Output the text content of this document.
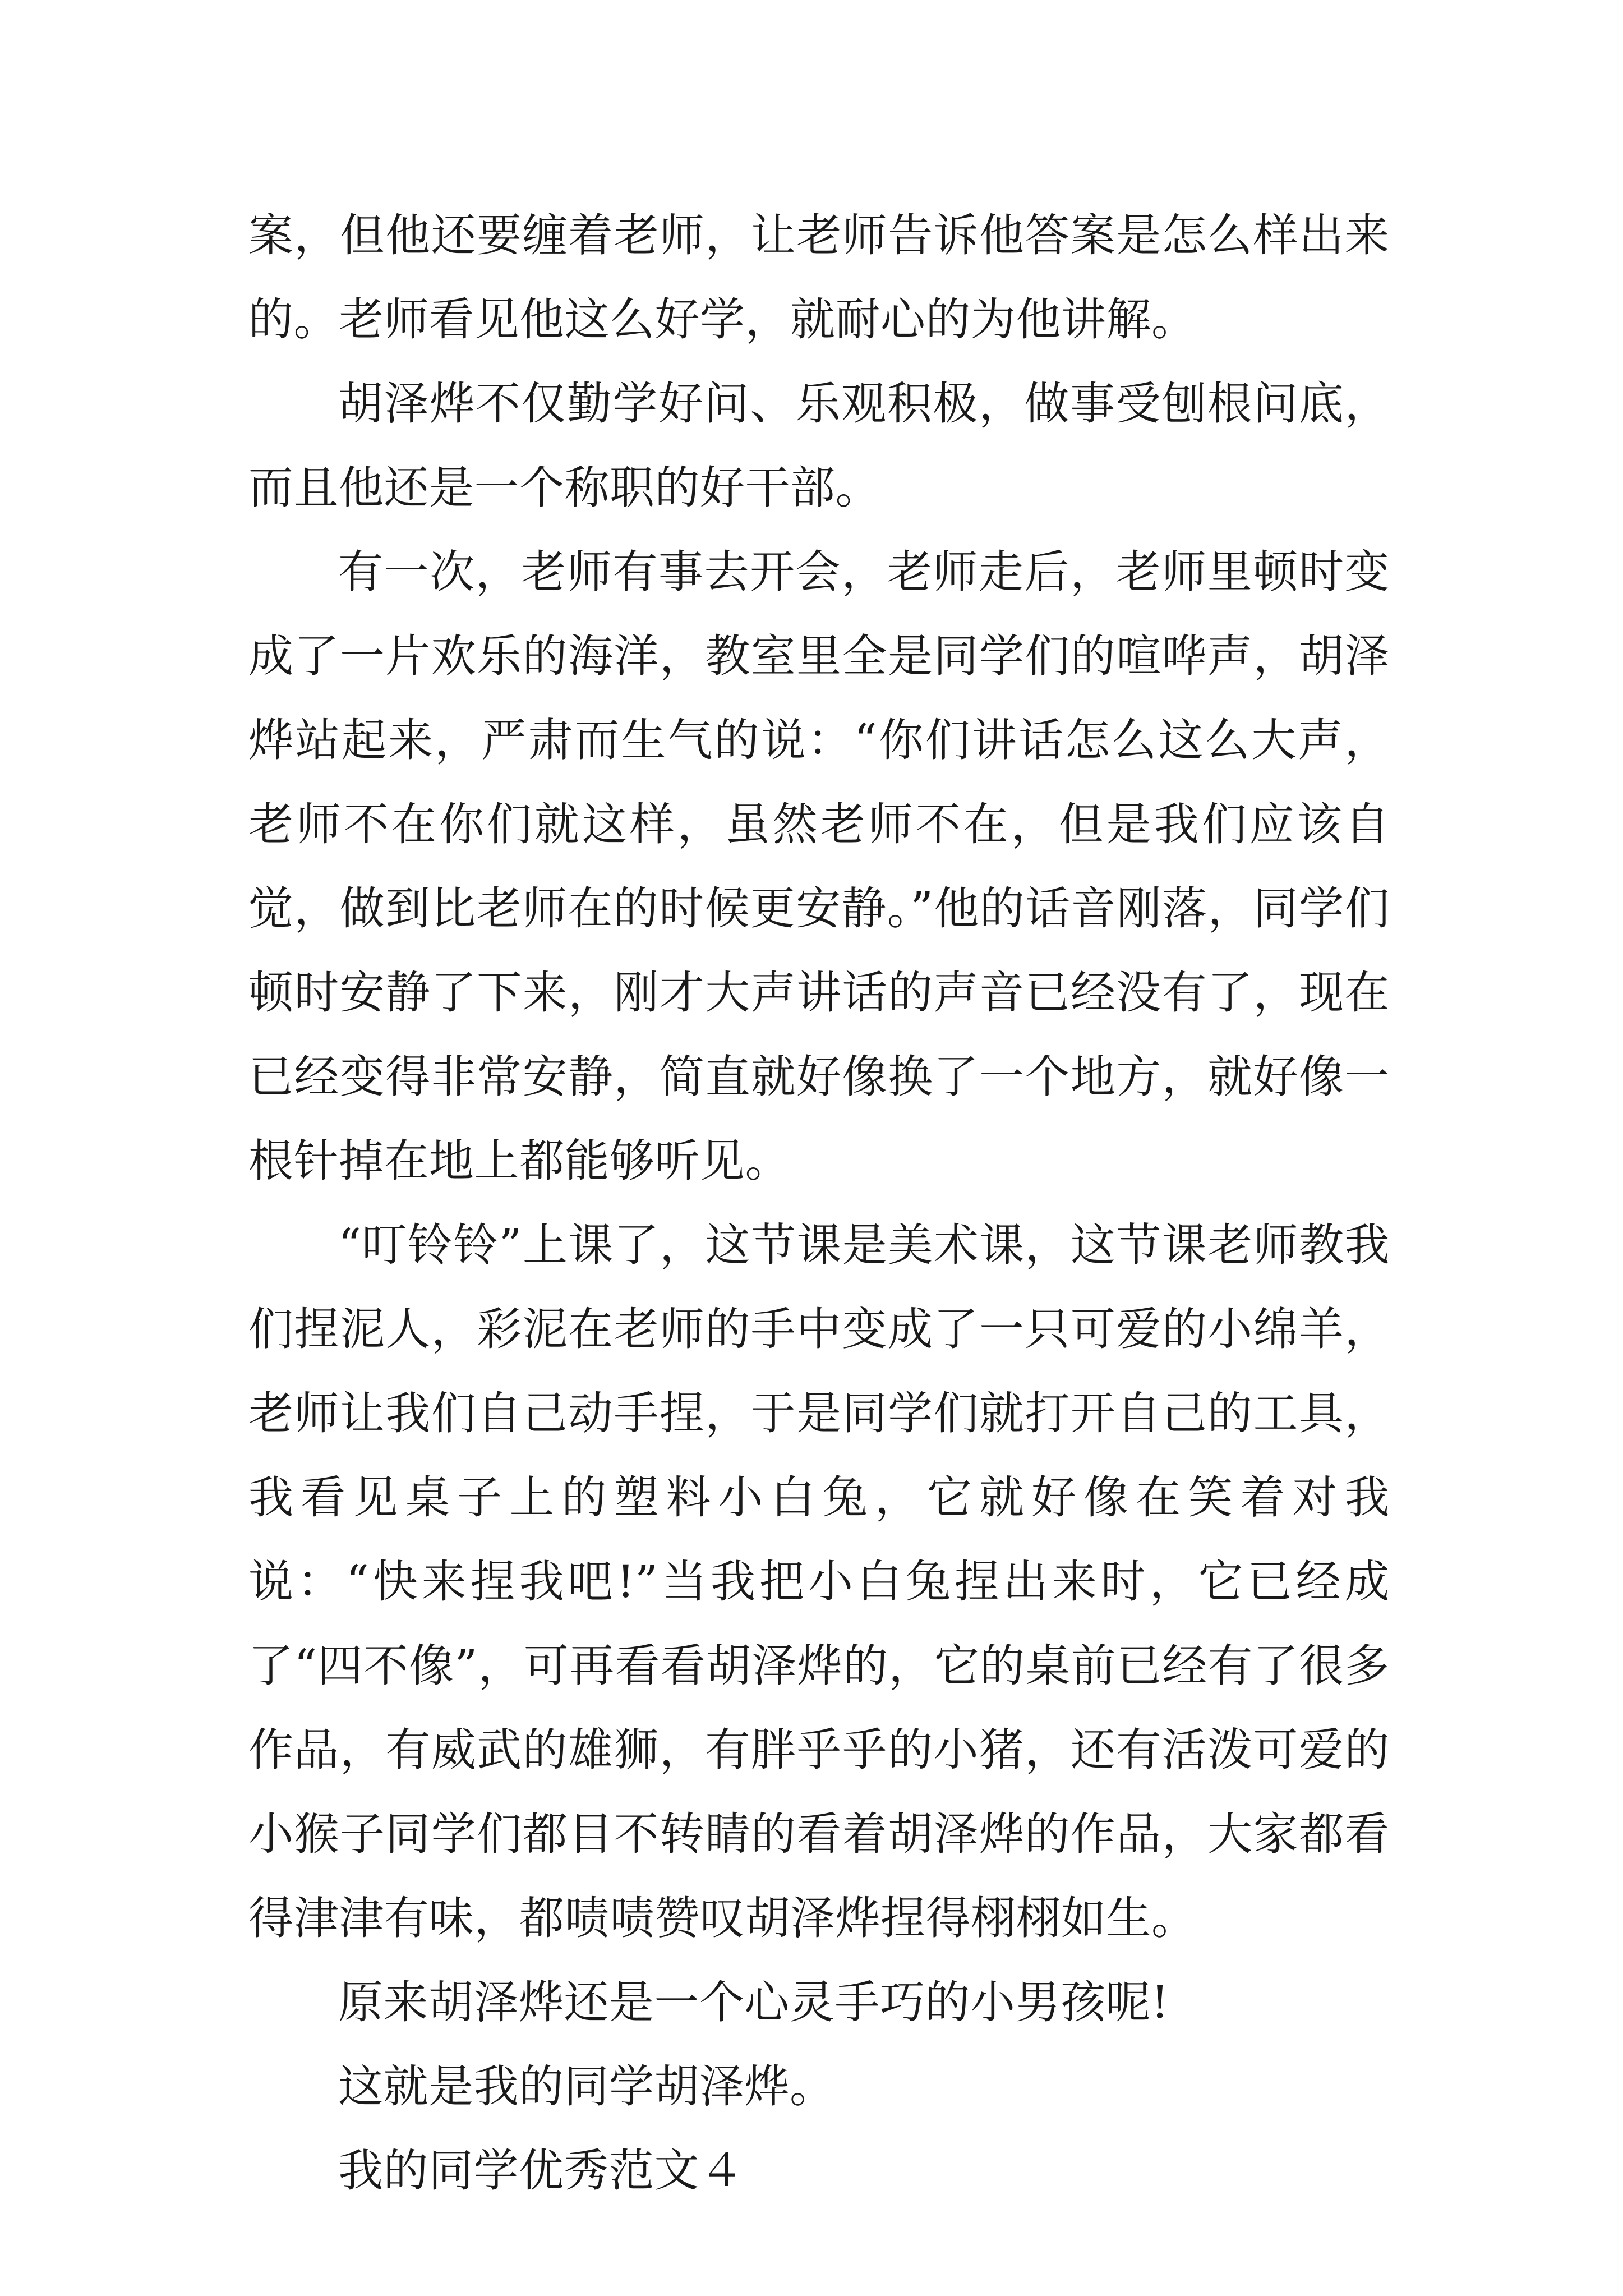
案，但他还要缠着老师，让老师告诉他答案是怎么样出来的。老师看见他这么好学，就耐心的为他讲解。

胡泽烨不仅勤学好问、乐观积极，做事受刨根问底，而且他还是一个称职的好干部。

有一次，老师有事去开会，老师走后，老师里顿时变成了一片欢乐的海洋，教室里全是同学们的喧哗声，胡泽烨站起来，严肃而生气的说：“你们讲话怎么这么大声，老师不在你们就这样，虽然老师不在，但是我们应该自觉，做到比老师在的时候更安静。”他的话音刚落，同学们顿时安静了下来，刚才大声讲话的声音已经没有了，现在已经变得非常安静，简直就好像换了一个地方，就好像一根针掉在地上都能够听见。

“叮铃铃”上课了，这节课是美术课，这节课老师教我们捏泥人，彩泥在老师的手中变成了一只可爱的小绵羊，老师让我们自己动手捏，于是同学们就打开自己的工具，我看见桌子上的塑料小白兔，它就好像在笑着对我说：“快来捏我吧!”当我把小白兔捏出来时，它已经成了“四不像”，可再看看胡泽烨的，它的桌前已经有了很多作品，有威武的雄狮，有胖乎乎的小猪，还有活泼可爱的小猴子同学们都目不转睛的看着胡泽烨的作品，大家都看得津津有味，都啧啧赞叹胡泽烨捏得栩栩如生。

原来胡泽烨还是一个心灵手巧的小男孩呢!

这就是我的同学胡泽烨。

我的同学优秀范文４
